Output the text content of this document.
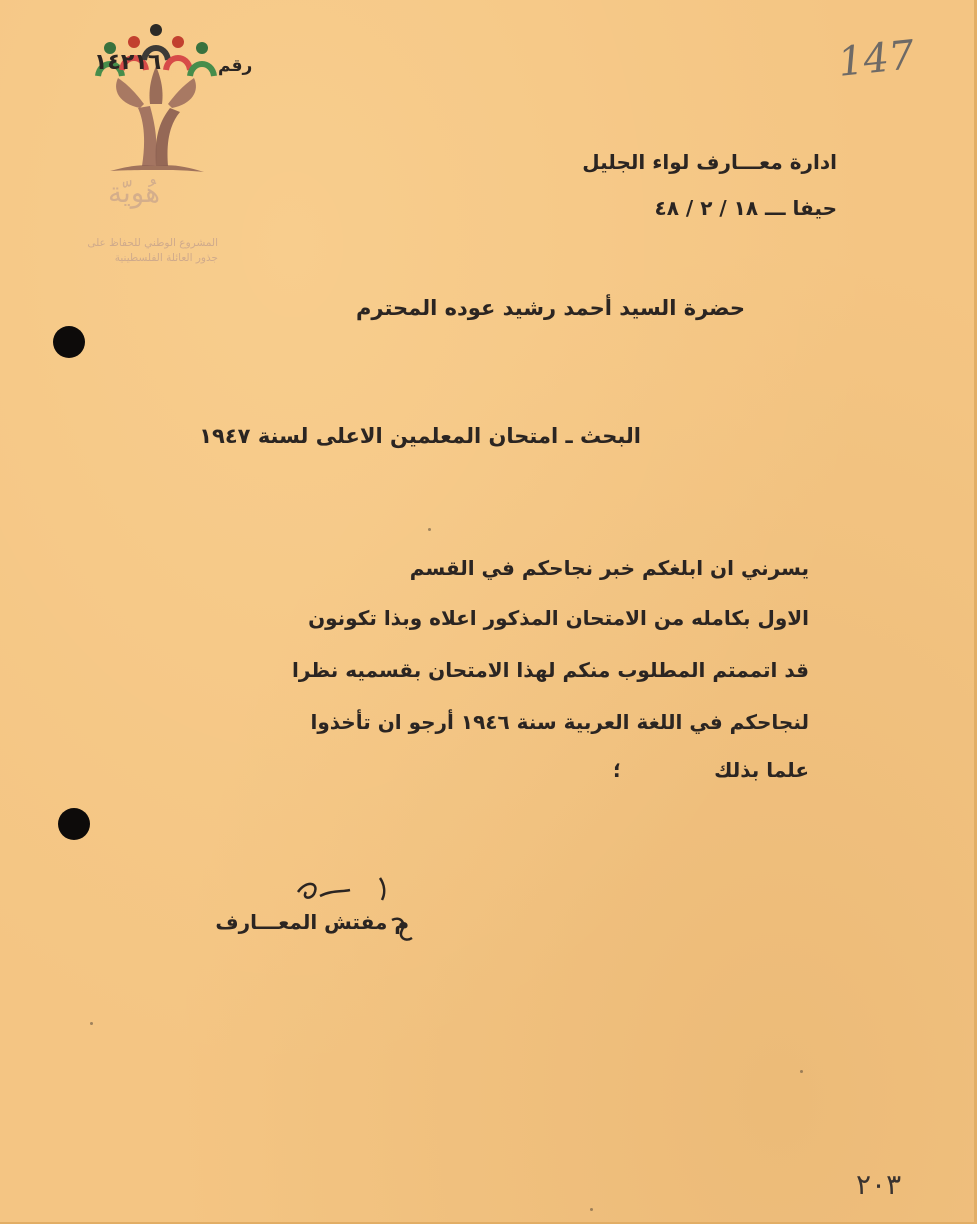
هُويّة
المشروع الوطني للحفاظ على
جذور العائلة الفلسطينية
١٤٢١٦	رقم	147
ادارة معـــارف لواء الجليل
حيفا ـــ ١٨ / ٢ / ٤٨
حضرة السيد أحمد رشيد عوده المحترم
البحث ـ امتحان المعلمين الاعلى لسنة ١٩٤٧
يسرني ان ابلغكم خبر نجاحكم في القسم
الاول بكامله من الامتحان المذكور اعلاه وبذا تكونون
قد اتممتم المطلوب منكم لهذا الامتحان بقسميه نظرا
لنجاحكم في اللغة العربية سنة ١٩٤٦ أرجو ان تأخذوا
علما بذلك
؛
م مفتش المعـــارف
٢٠٣
